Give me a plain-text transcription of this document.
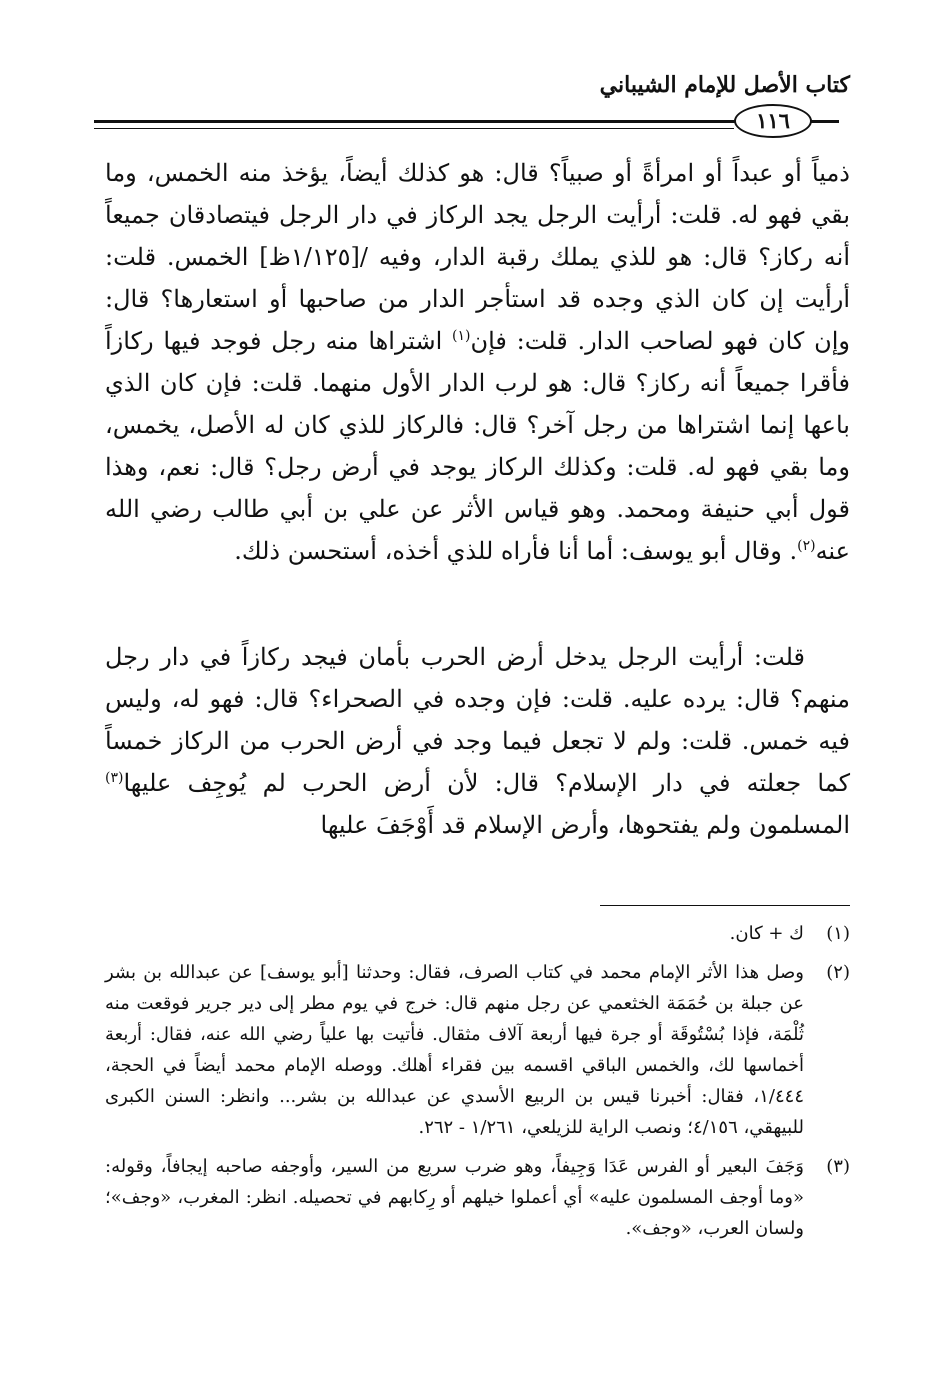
كتاب الأصل للإمام الشيباني
١١٦

ذمياً أو عبداً أو امرأةً أو صبياً؟ قال: هو كذلك أيضاً، يؤخذ منه الخمس، وما بقي فهو له. قلت: أرأيت الرجل يجد الركاز في دار الرجل فيتصادقان جميعاً أنه ركاز؟ قال: هو للذي يملك رقبة الدار، وفيه /[١/١٢٥ظ] الخمس. قلت: أرأيت إن كان الذي وجده قد استأجر الدار من صاحبها أو استعارها؟ قال: وإن كان فهو لصاحب الدار. قلت: فإن$^{(١)}$ اشتراها منه رجل فوجد فيها ركازاً فأقرا جميعاً أنه ركاز؟ قال: هو لرب الدار الأول منهما. قلت: فإن كان الذي باعها إنما اشتراها من رجل آخر؟ قال: فالركاز للذي كان له الأصل، يخمس، وما بقي فهو له. قلت: وكذلك الركاز يوجد في أرض رجل؟ قال: نعم، وهذا قول أبي حنيفة ومحمد. وهو قياس الأثر عن علي بن أبي طالب رضي الله عنه$^{(٢)}$. وقال أبو يوسف: أما أنا فأراه للذي أخذه، أستحسن ذلك.

قلت: أرأيت الرجل يدخل أرض الحرب بأمان فيجد ركازاً في دار رجل منهم؟ قال: يرده عليه. قلت: فإن وجده في الصحراء؟ قال: فهو له، وليس فيه خمس. قلت: ولم لا تجعل فيما وجد في أرض الحرب من الركاز خمساً كما جعلته في دار الإسلام؟ قال: لأن أرض الحرب لم يُوجِف عليها$^{(٣)}$ المسلمون ولم يفتحوها، وأرض الإسلام قد أَوْجَفَ عليها

(١)
ك + كان.
(٢)
وصل هذا الأثر الإمام محمد في كتاب الصرف، فقال: وحدثنا [أبو يوسف] عن عبدالله بن بشر عن جبلة بن حُمَمَة الخثعمي عن رجل منهم قال: خرج في يوم مطر إلى دير جرير فوقعت منه ثُلْمَة، فإذا بُسْتُوقَة أو جرة فيها أربعة آلاف مثقال. فأتيت بها علياً رضي الله عنه، فقال: أربعة أخماسها لك، والخمس الباقي اقسمه بين فقراء أهلك. ووصله الإمام محمد أيضاً في الحجة، ١/٤٤٤، فقال: أخبرنا قيس بن الربيع الأسدي عن عبدالله بن بشر... وانظر: السنن الكبرى للبيهقي، ٤/١٥٦؛ ونصب الراية للزيلعي، ١/٢٦١ - ٢٦٢.
(٣)
وَجَفَ البعير أو الفرس عَدَا وَجِيفاً، وهو ضرب سريع من السير، وأوجفه صاحبه إيجافاً، وقوله: «وما أوجف المسلمون عليه» أي أعملوا خيلهم أو رِكابهم في تحصيله. انظر: المغرب، «وجف»؛ ولسان العرب، «وجف».
